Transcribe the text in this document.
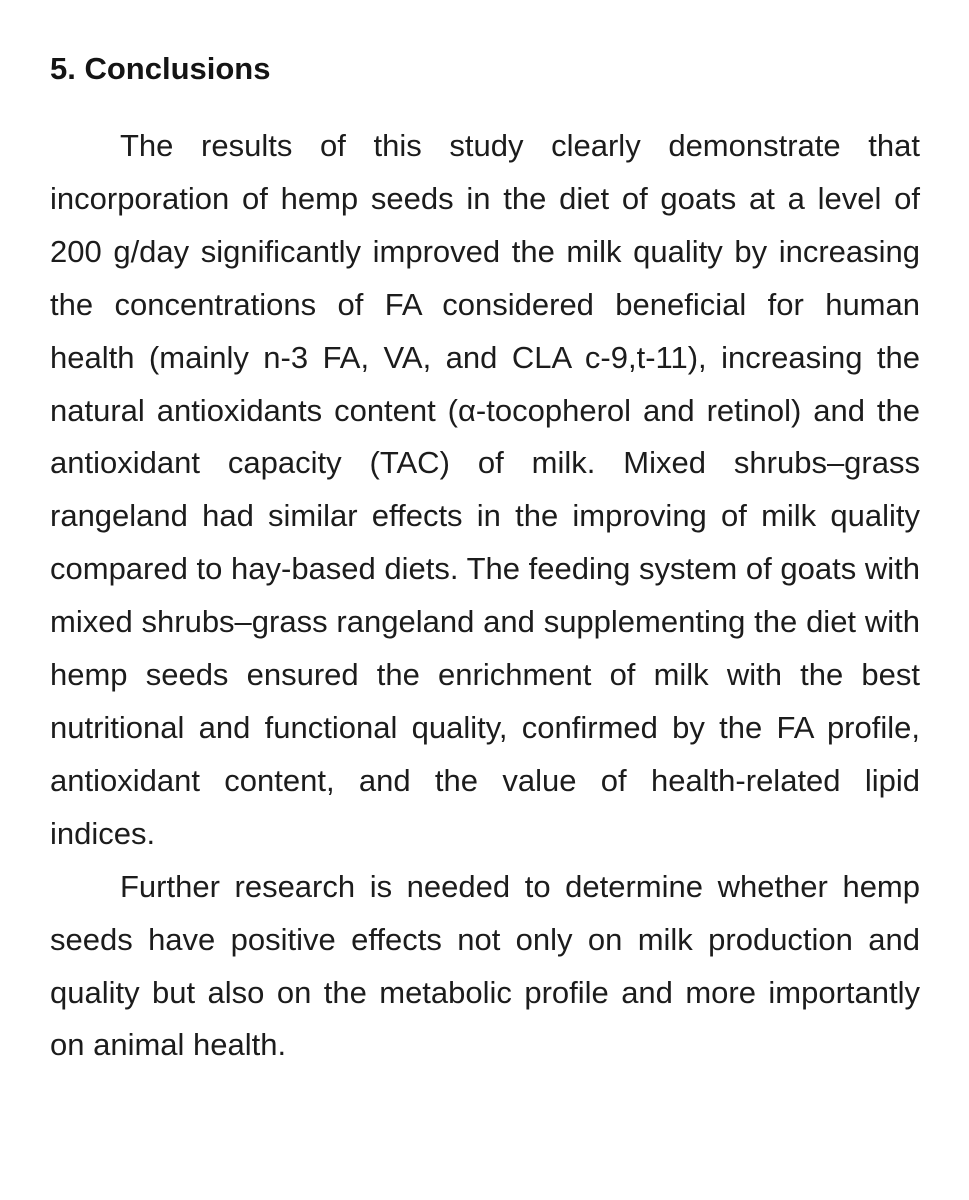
5. Conclusions

The results of this study clearly demonstrate that incorporation of hemp seeds in the diet of goats at a level of 200 g/day significantly improved the milk quality by increasing the concentrations of FA considered beneficial for human health (mainly n-3 FA, VA, and CLA c-9,t-11), increasing the natural antioxidants content (α-tocopherol and retinol) and the antioxidant capacity (TAC) of milk. Mixed shrubs–grass rangeland had similar effects in the improving of milk quality compared to hay-based diets. The feeding system of goats with mixed shrubs–grass rangeland and supplementing the diet with hemp seeds ensured the enrichment of milk with the best nutritional and functional quality, confirmed by the FA profile, antioxidant content, and the value of health-related lipid indices.

Further research is needed to determine whether hemp seeds have positive effects not only on milk production and quality but also on the metabolic profile and more importantly on animal health.
